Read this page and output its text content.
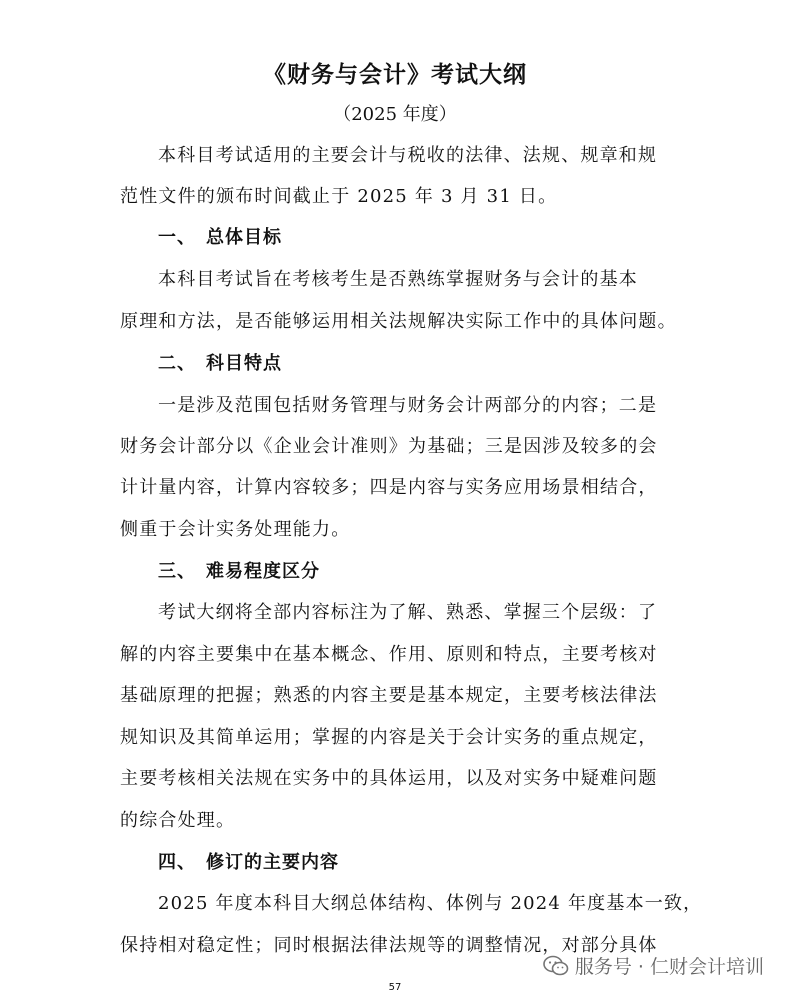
《财务与会计》考试大纲
（2025 年度）
本科目考试适用的主要会计与税收的法律、法规、规章和规
范性文件的颁布时间截止于 2025 年 3 月 31 日。
一、 总体目标
本科目考试旨在考核考生是否熟练掌握财务与会计的基本
原理和方法，是否能够运用相关法规解决实际工作中的具体问题。
二、 科目特点
一是涉及范围包括财务管理与财务会计两部分的内容；二是
财务会计部分以《企业会计准则》为基础；三是因涉及较多的会
计计量内容，计算内容较多；四是内容与实务应用场景相结合，
侧重于会计实务处理能力。
三、 难易程度区分
考试大纲将全部内容标注为了解、熟悉、掌握三个层级：了
解的内容主要集中在基本概念、作用、原则和特点，主要考核对
基础原理的把握；熟悉的内容主要是基本规定，主要考核法律法
规知识及其简单运用；掌握的内容是关于会计实务的重点规定，
主要考核相关法规在实务中的具体运用，以及对实务中疑难问题
的综合处理。
四、 修订的主要内容
2025 年度本科目大纲总体结构、体例与 2024 年度基本一致，
保持相对稳定性；同时根据法律法规等的调整情况，对部分具体
57
服务号 · 仁财会计培训
